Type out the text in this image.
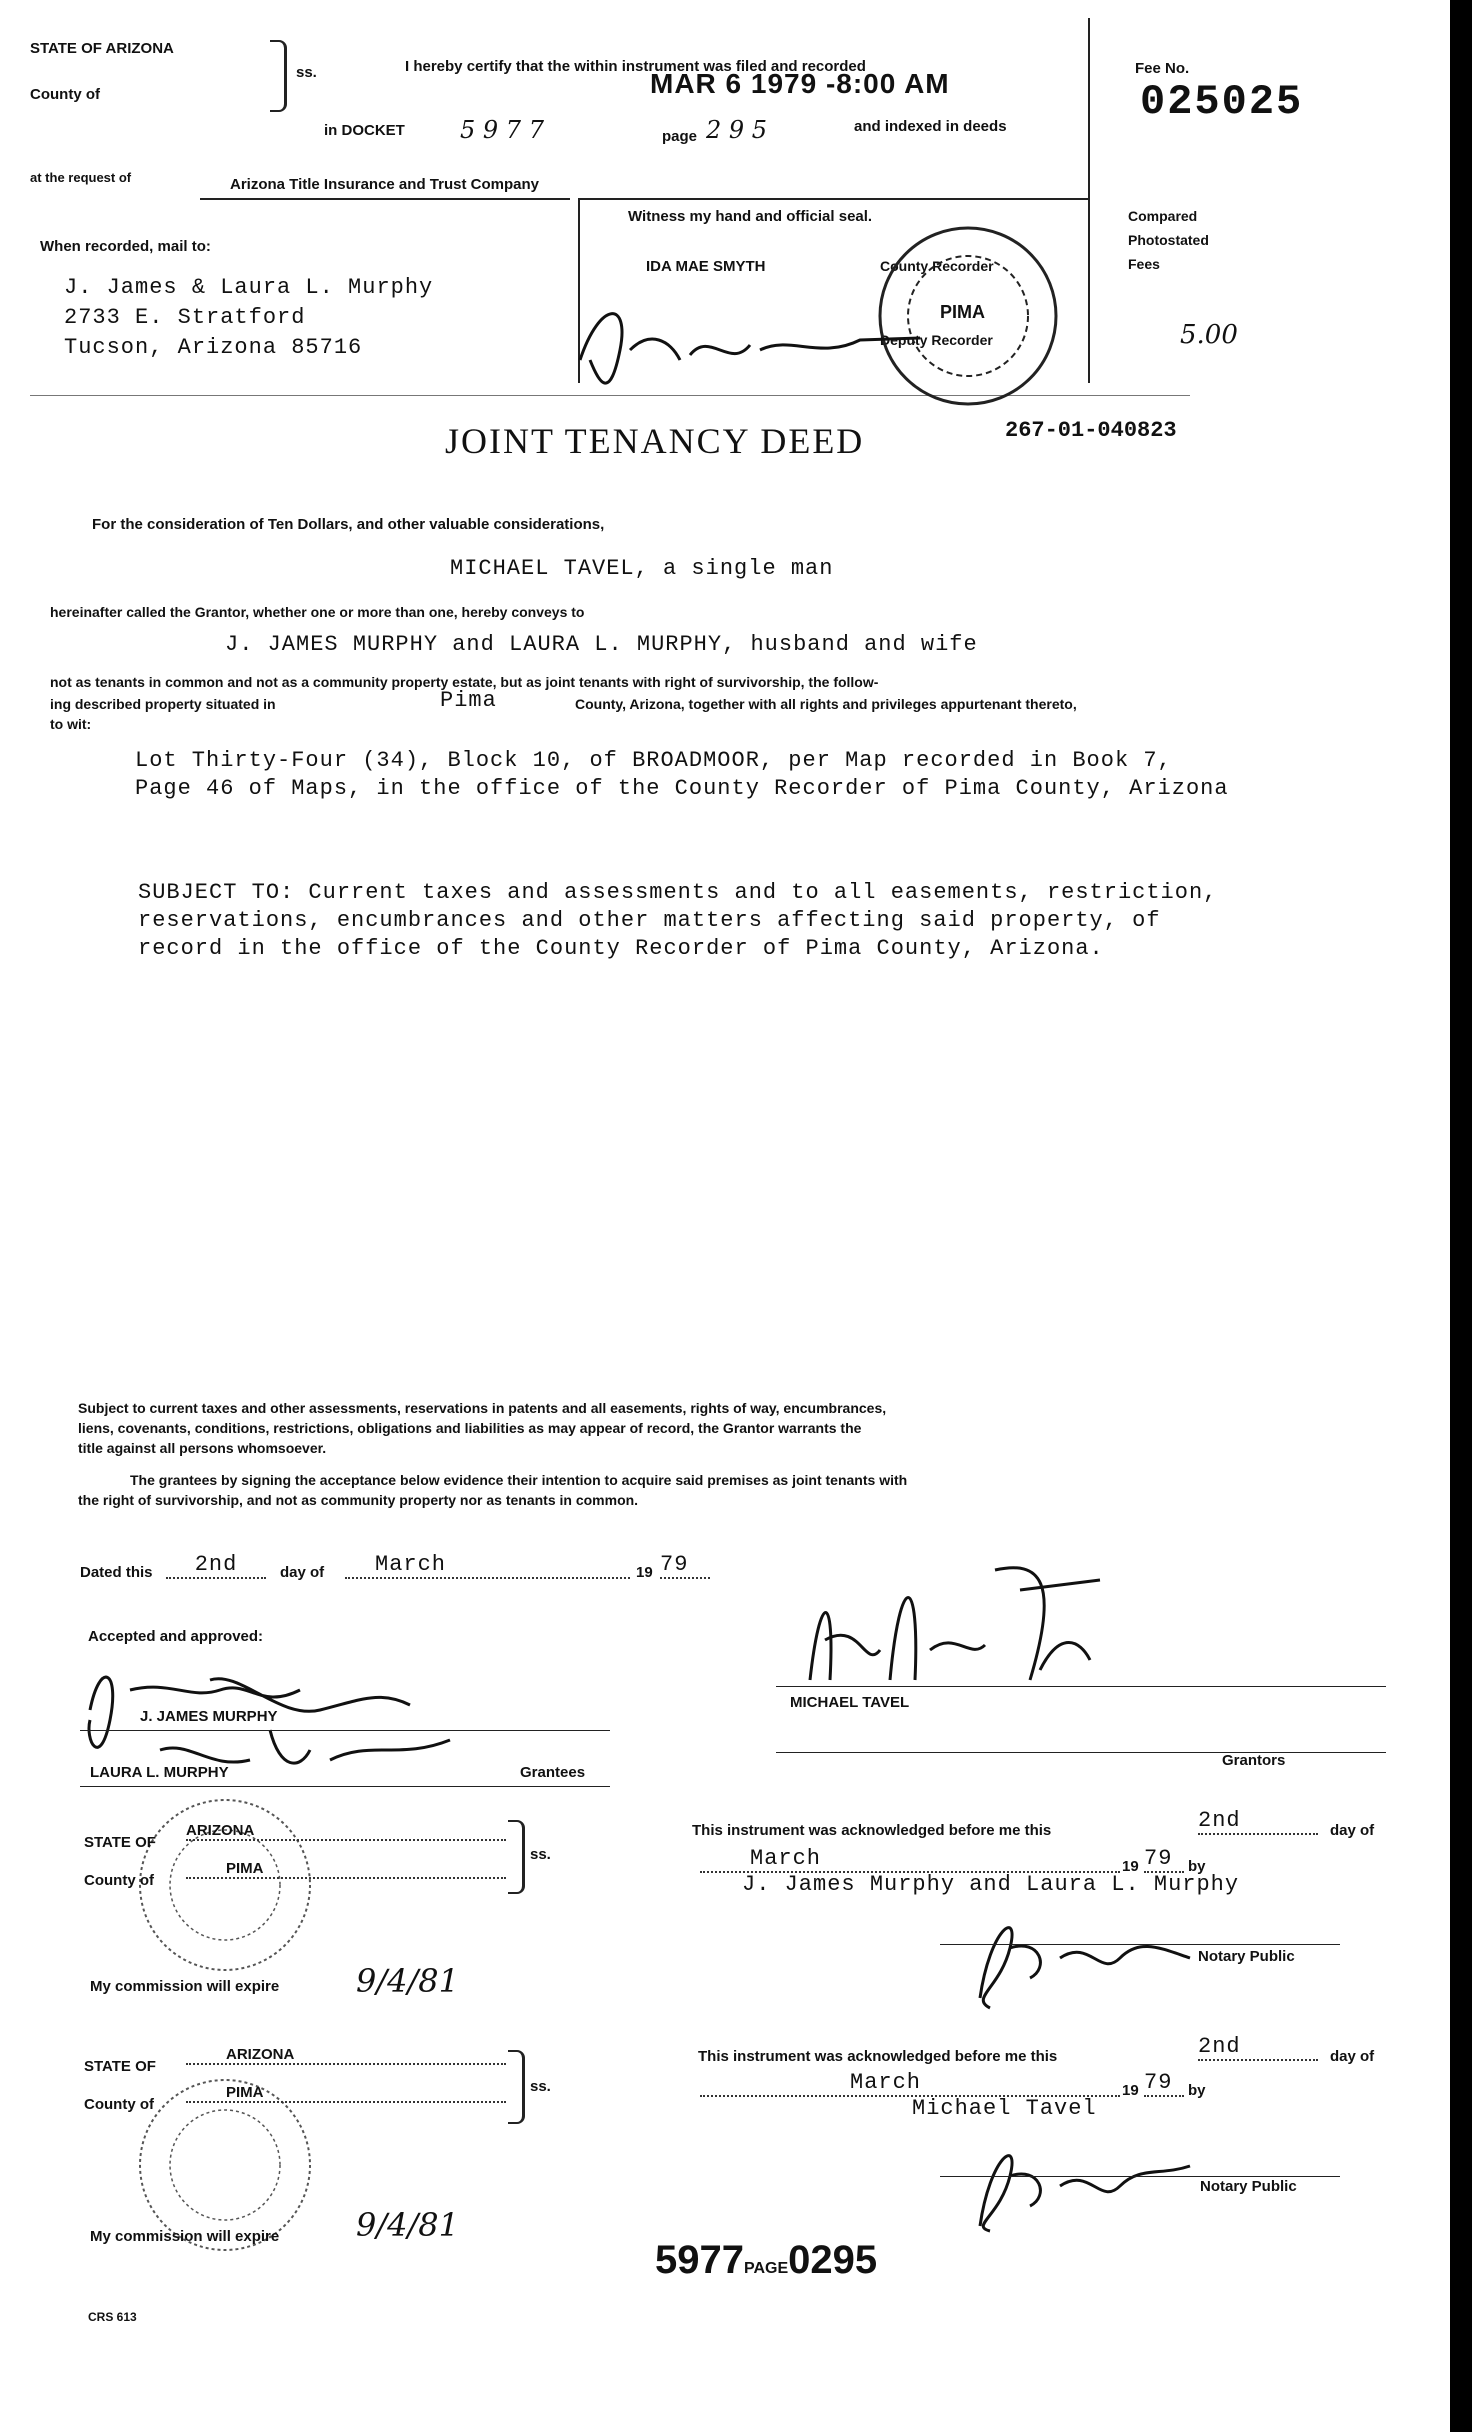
STATE OF ARIZONA
County of
ss.	I hereby certify that the within instrument was filed and recorded
MAR 6 1979 -8:00 AM
in DOCKET 5 9 7 7	page 2 9 5	and indexed in deeds
at the request of	Arizona Title Insurance and Trust Company
When recorded, mail to:
J. James & Laura L. Murphy
2733 E. Stratford
Tucson, Arizona 85716
Witness my hand and official seal.
IDA MAE SMYTH	County Recorder
Deputy Recorder
PIMA
Fee No.
025025
Compared
Photostated
Fees
5.00
JOINT TENANCY DEED	267-01-040823
For the consideration of Ten Dollars, and other valuable considerations,
MICHAEL TAVEL, a single man
hereinafter called the Grantor, whether one or more than one, hereby conveys to
J. JAMES MURPHY and LAURA L. MURPHY, husband and wife
not as tenants in common and not as a community property estate, but as joint tenants with right of survivorship, the follow-
ing described property situated in	Pima	County, Arizona, together with all rights and privileges appurtenant thereto,
to wit:
Lot Thirty-Four (34), Block 10, of BROADMOOR, per Map recorded in Book 7,
Page 46 of Maps, in the office of the County Recorder of Pima County, Arizona
SUBJECT TO: Current taxes and assessments and to all easements, restriction,
reservations, encumbrances and other matters affecting said property, of
record in the office of the County Recorder of Pima County, Arizona.
Subject to current taxes and other assessments, reservations in patents and all easements, rights of way, encumbrances,
liens, covenants, conditions, restrictions, obligations and liabilities as may appear of record, the Grantor warrants the
title against all persons whomsoever.
The grantees by signing the acceptance below evidence their intention to acquire said premises as joint tenants with
the right of survivorship, and not as community property nor as tenants in common.
Dated this	2nd	day of	March	19 79
MICHAEL TAVEL
Grantors
Accepted and approved:
J. JAMES MURPHY
LAURA L. MURPHY	Grantees
STATE OF
ARIZONA
County of
PIMA
ss.
This instrument was acknowledged before me this	2nd	day of
March	19 79	by
J. James Murphy and Laura L. Murphy
Notary Public
My commission will expire 9/4/81
STATE OF
ARIZONA
County of
PIMA	ss.
This instrument was acknowledged before me this	2nd	day of
March	19 79	by
Michael Tavel
Notary Public
My commission will expire 9/4/81
5977PAGE0295
CRS 613
